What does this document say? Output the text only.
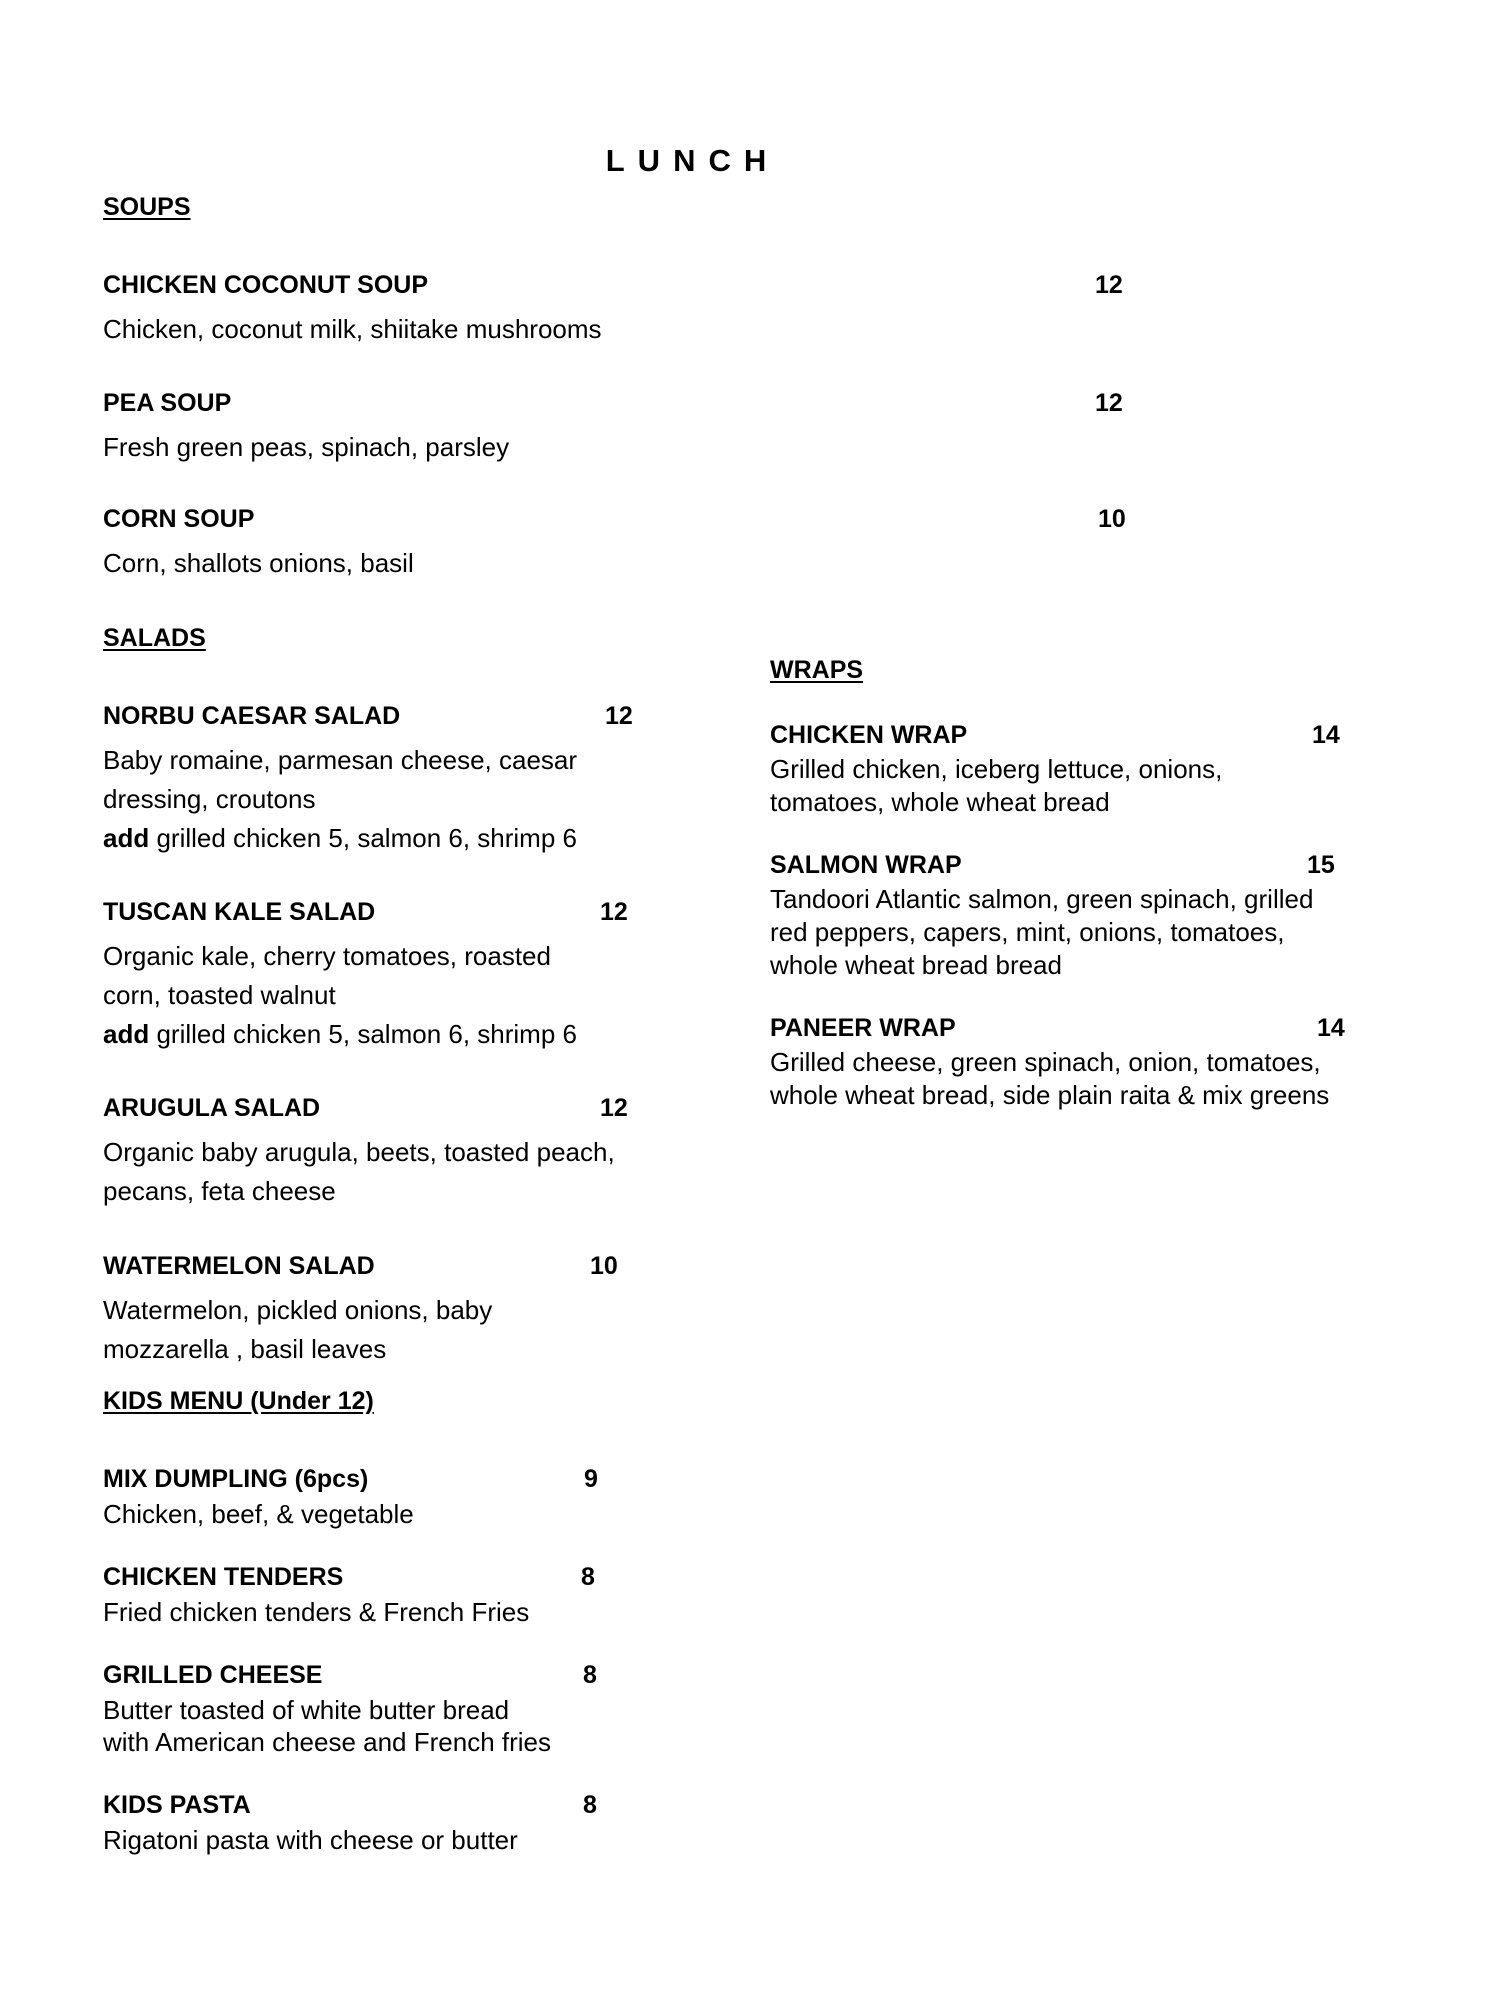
LUNCH
SOUPS
CHICKEN COCONUT SOUP	12
Chicken, coconut milk, shiitake mushrooms
PEA SOUP	12
Fresh green peas, spinach, parsley
CORN SOUP	10
Corn, shallots onions, basil
SALADS
NORBU CAESAR SALAD	12
Baby romaine, parmesan cheese, caesar
dressing, croutons
add grilled chicken 5, salmon 6, shrimp 6
TUSCAN KALE SALAD	12
Organic kale, cherry tomatoes, roasted
corn, toasted walnut
add grilled chicken 5, salmon 6, shrimp 6
ARUGULA SALAD	12
Organic baby arugula, beets, toasted peach,
pecans, feta cheese
WATERMELON SALAD	10
Watermelon, pickled onions, baby
mozzarella , basil leaves
KIDS MENU (Under 12)
MIX DUMPLING (6pcs)	9
Chicken, beef, & vegetable
CHICKEN TENDERS	8
Fried chicken tenders & French Fries
GRILLED CHEESE	8
Butter toasted of white butter bread
with American cheese and French fries
KIDS PASTA	8
Rigatoni pasta with cheese or butter
WRAPS
CHICKEN WRAP	14
Grilled chicken, iceberg lettuce, onions,
tomatoes, whole wheat bread
SALMON WRAP	15
Tandoori Atlantic salmon, green spinach, grilled
red peppers, capers, mint, onions, tomatoes,
whole wheat bread bread
PANEER WRAP	14
Grilled cheese, green spinach, onion, tomatoes,
whole wheat bread, side plain raita & mix greens
